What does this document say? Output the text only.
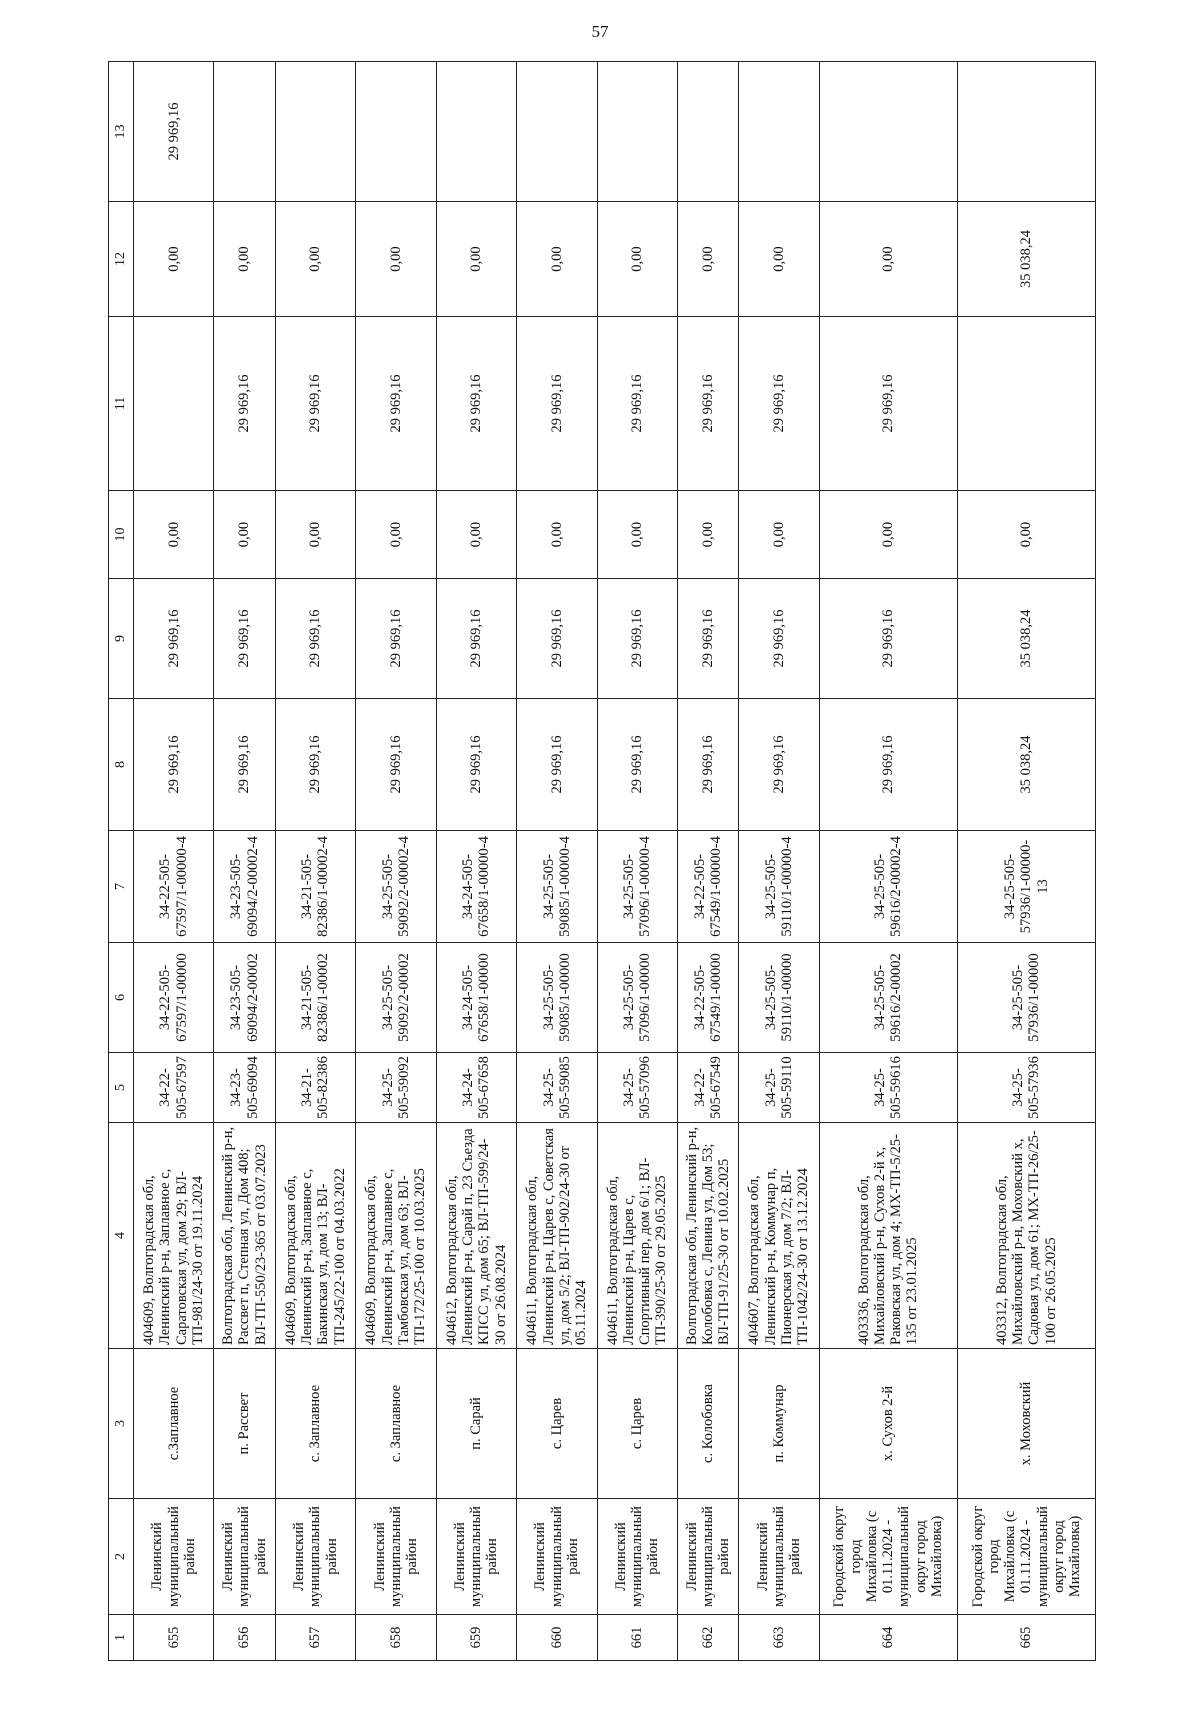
57
1	2	3	4	5	6	7	8	9	10	11	12	13
655	Ленинский муниципальный район	с.Заплавное	404609, Волгоградская обл, Ленинский р-н, Заплавное с, Саратовская ул, дом 29; ВЛ-ТП-981/24-30 от 19.11.2024	34-22-505-67597	34-22-505-67597/1-00000	34-22-505-67597/1-00000-4	29 969,16	29 969,16	0,00		0,00	29 969,16
656	Ленинский муниципальный район	п. Рассвет	Волгоградская обл, Ленинский р-н, Рассвет п, Степная ул, Дом 408; ВЛ-ТП-550/23-365 от 03.07.2023	34-23-505-69094	34-23-505-69094/2-00002	34-23-505-69094/2-00002-4	29 969,16	29 969,16	0,00	29 969,16	0,00	
657	Ленинский муниципальный район	с. Заплавное	404609, Волгоградская обл, Ленинский р-н, Заплавное с, Бакинская ул, дом 13; ВЛ-ТП-245/22-100 от 04.03.2022	34-21-505-82386	34-21-505-82386/1-00002	34-21-505-82386/1-00002-4	29 969,16	29 969,16	0,00	29 969,16	0,00	
658	Ленинский муниципальный район	с. Заплавное	404609, Волгоградская обл, Ленинский р-н, Заплавное с, Тамбовская ул, дом 63; ВЛ-ТП-172/25-100 от 10.03.2025	34-25-505-59092	34-25-505-59092/2-00002	34-25-505-59092/2-00002-4	29 969,16	29 969,16	0,00	29 969,16	0,00	
659	Ленинский муниципальный район	п. Сарай	404612, Волгоградская обл, Ленинский р-н, Сарай п, 23 Съезда КПСС ул, дом 65; ВЛ-ТП-599/24-30 от 26.08.2024	34-24-505-67658	34-24-505-67658/1-00000	34-24-505-67658/1-00000-4	29 969,16	29 969,16	0,00	29 969,16	0,00	
660	Ленинский муниципальный район	с. Царев	404611, Волгоградская обл, Ленинский р-н, Царев с, Советская ул, дом 5/2; ВЛ-ТП-902/24-30 от 05.11.2024	34-25-505-59085	34-25-505-59085/1-00000	34-25-505-59085/1-00000-4	29 969,16	29 969,16	0,00	29 969,16	0,00	
661	Ленинский муниципальный район	с. Царев	404611, Волгоградская обл, Ленинский р-н, Царев с, Спортивный пер, дом 6/1; ВЛ-ТП-390/25-30 от 29.05.2025	34-25-505-57096	34-25-505-57096/1-00000	34-25-505-57096/1-00000-4	29 969,16	29 969,16	0,00	29 969,16	0,00	
662	Ленинский муниципальный район	с. Колобовка	Волгоградская обл, Ленинский р-н, Колобовка с, Ленина ул, Дом 53; ВЛ-ТП-91/25-30 от 10.02.2025	34-22-505-67549	34-22-505-67549/1-00000	34-22-505-67549/1-00000-4	29 969,16	29 969,16	0,00	29 969,16	0,00	
663	Ленинский муниципальный район	п. Коммунар	404607, Волгоградская обл, Ленинский р-н, Коммунар п, Пионерская ул, дом 7/2; ВЛ-ТП-1042/24-30 от 13.12.2024	34-25-505-59110	34-25-505-59110/1-00000	34-25-505-59110/1-00000-4	29 969,16	29 969,16	0,00	29 969,16	0,00	
664	Городской округ город Михайловка (с 01.11.2024 - муниципальный округ город Михайловка)	х. Сухов 2-й	403336, Волгоградская обл, Михайловский р-н, Сухов 2-й х, Раковская ул, дом 4; МХ-ТП-5/25-135 от 23.01.2025	34-25-505-59616	34-25-505-59616/2-00002	34-25-505-59616/2-00002-4	29 969,16	29 969,16	0,00	29 969,16	0,00	
665	Городской округ город Михайловка (с 01.11.2024 - муниципальный округ город Михайловка)	х. Моховский	403312, Волгоградская обл, Михайловский р-н, Моховский х, Садовая ул, дом 61; МХ-ТП-26/25-100 от 26.05.2025	34-25-505-57936	34-25-505-57936/1-00000	34-25-505-57936/1-00000-13	35 038,24	35 038,24	0,00		35 038,24	
